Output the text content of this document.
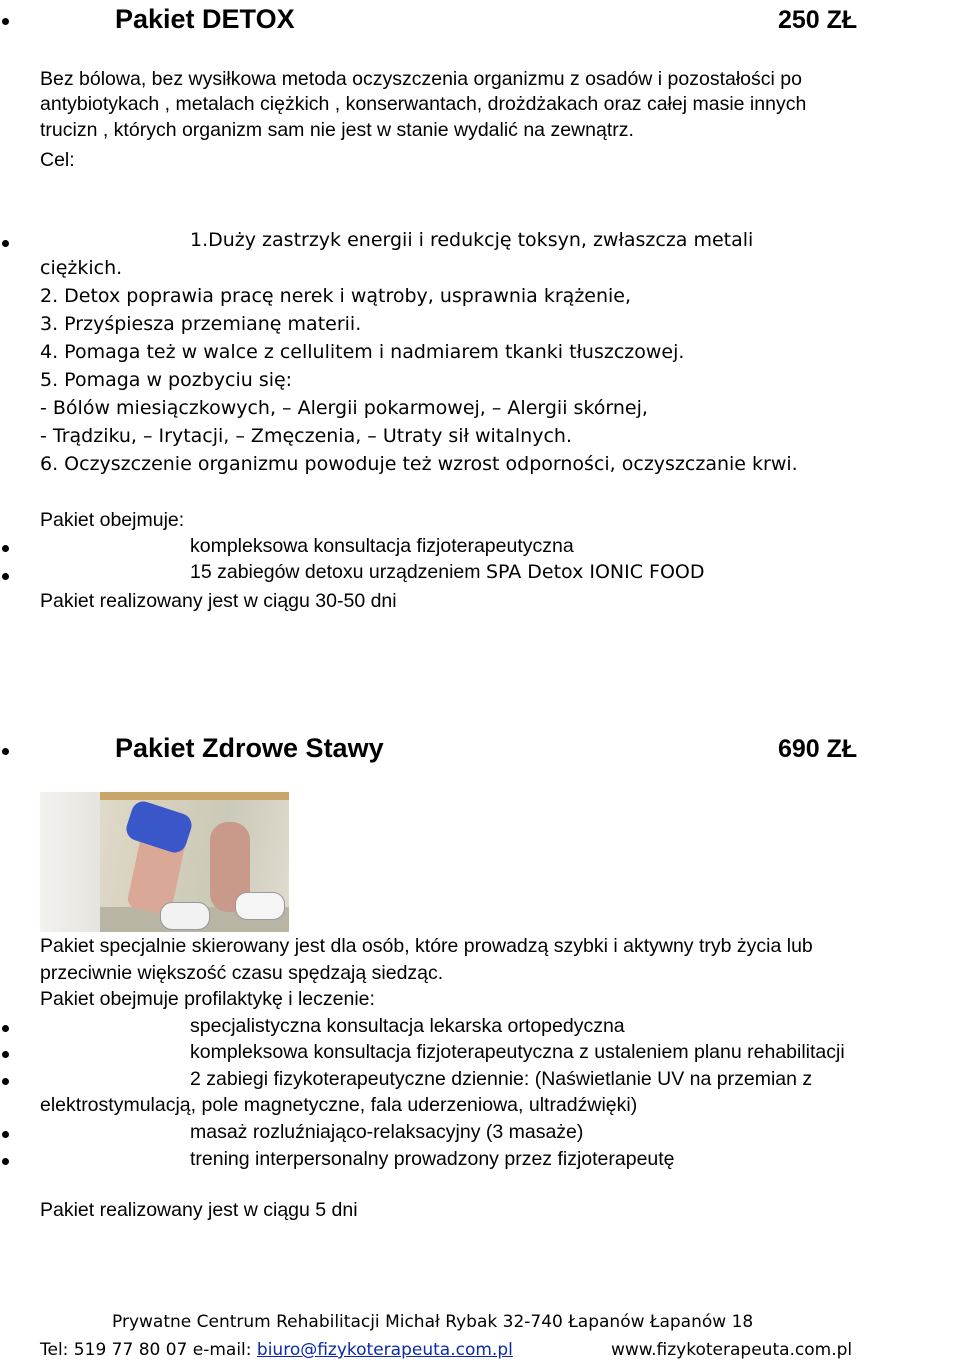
Pakiet DETOX	250 ZŁ
Bez bólowa, bez wysiłkowa metoda oczyszczenia organizmu z osadów i pozostałości po
antybiotykach , metalach ciężkich , konserwantach, drożdżakach oraz całej masie innych
trucizn , których organizm sam nie jest w stanie wydalić na zewnątrz.
Cel:
1.Duży zastrzyk energii i redukcję toksyn, zwłaszcza metali
ciężkich.
2. Detox poprawia pracę nerek i wątroby, usprawnia krążenie,
3. Przyśpiesza przemianę materii.
4. Pomaga też w walce z cellulitem i nadmiarem tkanki tłuszczowej.
5. Pomaga w pozbyciu się:
- Bólów miesiączkowych, – Alergii pokarmowej, – Alergii skórnej,
- Trądziku, – Irytacji, – Zmęczenia, – Utraty sił witalnych.
6. Oczyszczenie organizmu powoduje też wzrost odporności, oczyszczanie krwi.
Pakiet obejmuje:
kompleksowa konsultacja fizjoterapeutyczna
15 zabiegów detoxu urządzeniem SPA Detox IONIC FOOD
Pakiet realizowany jest w ciągu 30-50 dni
Pakiet Zdrowe Stawy	690 ZŁ
Pakiet specjalnie skierowany jest dla osób, które prowadzą szybki i aktywny tryb życia lub
przeciwnie większość czasu spędzają siedząc.
Pakiet obejmuje profilaktykę i leczenie:
specjalistyczna konsultacja lekarska ortopedyczna
kompleksowa konsultacja fizjoterapeutyczna z ustaleniem planu rehabilitacji
2 zabiegi fizykoterapeutyczne dziennie: (Naświetlanie UV na przemian z
elektrostymulacją, pole magnetyczne, fala uderzeniowa, ultradźwięki)
masaż rozluźniająco-relaksacyjny (3 masaże)
trening interpersonalny prowadzony przez fizjoterapeutę
Pakiet realizowany jest w ciągu 5 dni
Prywatne Centrum Rehabilitacji Michał Rybak 32-740 Łapanów Łapanów 18
Tel: 519 77 80 07 e-mail: biuro@fizykoterapeuta.com.pl	www.fizykoterapeuta.com.pl
